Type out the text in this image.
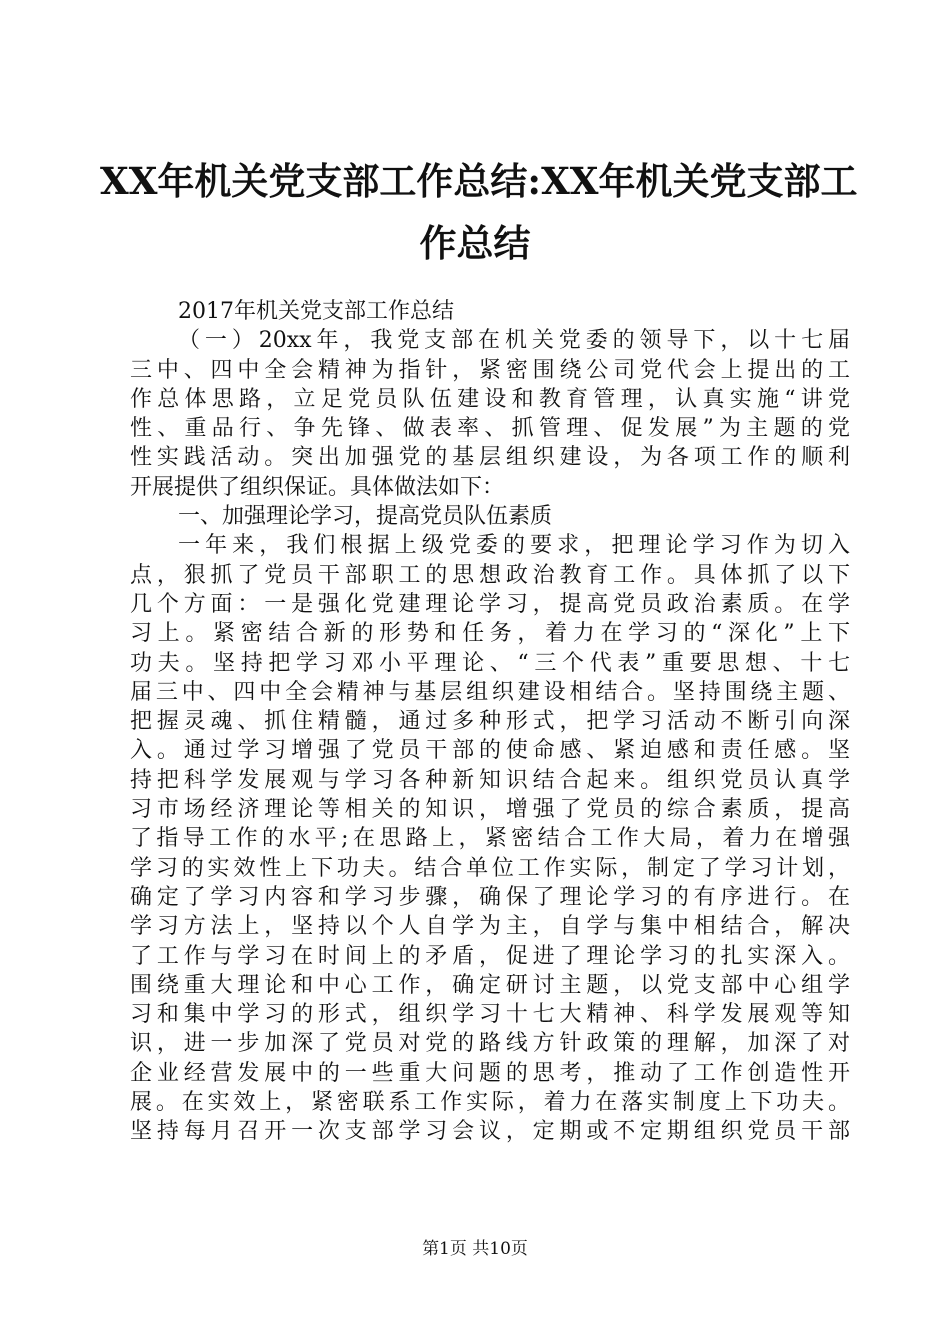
XX年机关党支部工作总结:XX年机关党支部工
作总结
2017年机关党支部工作总结
（一）20xx年，我党支部在机关党委的领导下，以十七届
三中、四中全会精神为指针，紧密围绕公司党代会上提出的工
作总体思路，立足党员队伍建设和教育管理，认真实施“讲党
性、重品行、争先锋、做表率、抓管理、促发展”为主题的党
性实践活动。突出加强党的基层组织建设，为各项工作的顺利
开展提供了组织保证。具体做法如下：
一、加强理论学习，提高党员队伍素质
一年来，我们根据上级党委的要求，把理论学习作为切入
点，狠抓了党员干部职工的思想政治教育工作。具体抓了以下
几个方面：一是强化党建理论学习，提高党员政治素质。在学
习上。紧密结合新的形势和任务，着力在学习的“深化”上下
功夫。坚持把学习邓小平理论、“三个代表”重要思想、十七
届三中、四中全会精神与基层组织建设相结合。坚持围绕主题、
把握灵魂、抓住精髓，通过多种形式，把学习活动不断引向深
入。通过学习增强了党员干部的使命感、紧迫感和责任感。坚
持把科学发展观与学习各种新知识结合起来。组织党员认真学
习市场经济理论等相关的知识，增强了党员的综合素质，提高
了指导工作的水平;在思路上，紧密结合工作大局，着力在增强
学习的实效性上下功夫。结合单位工作实际，制定了学习计划，
确定了学习内容和学习步骤，确保了理论学习的有序进行。在
学习方法上，坚持以个人自学为主，自学与集中相结合，解决
了工作与学习在时间上的矛盾，促进了理论学习的扎实深入。
围绕重大理论和中心工作，确定研讨主题，以党支部中心组学
习和集中学习的形式，组织学习十七大精神、科学发展观等知
识，进一步加深了党员对党的路线方针政策的理解，加深了对
企业经营发展中的一些重大问题的思考，推动了工作创造性开
展。在实效上，紧密联系工作实际，着力在落实制度上下功夫。
坚持每月召开一次支部学习会议，定期或不定期组织党员干部
第1页 共10页
